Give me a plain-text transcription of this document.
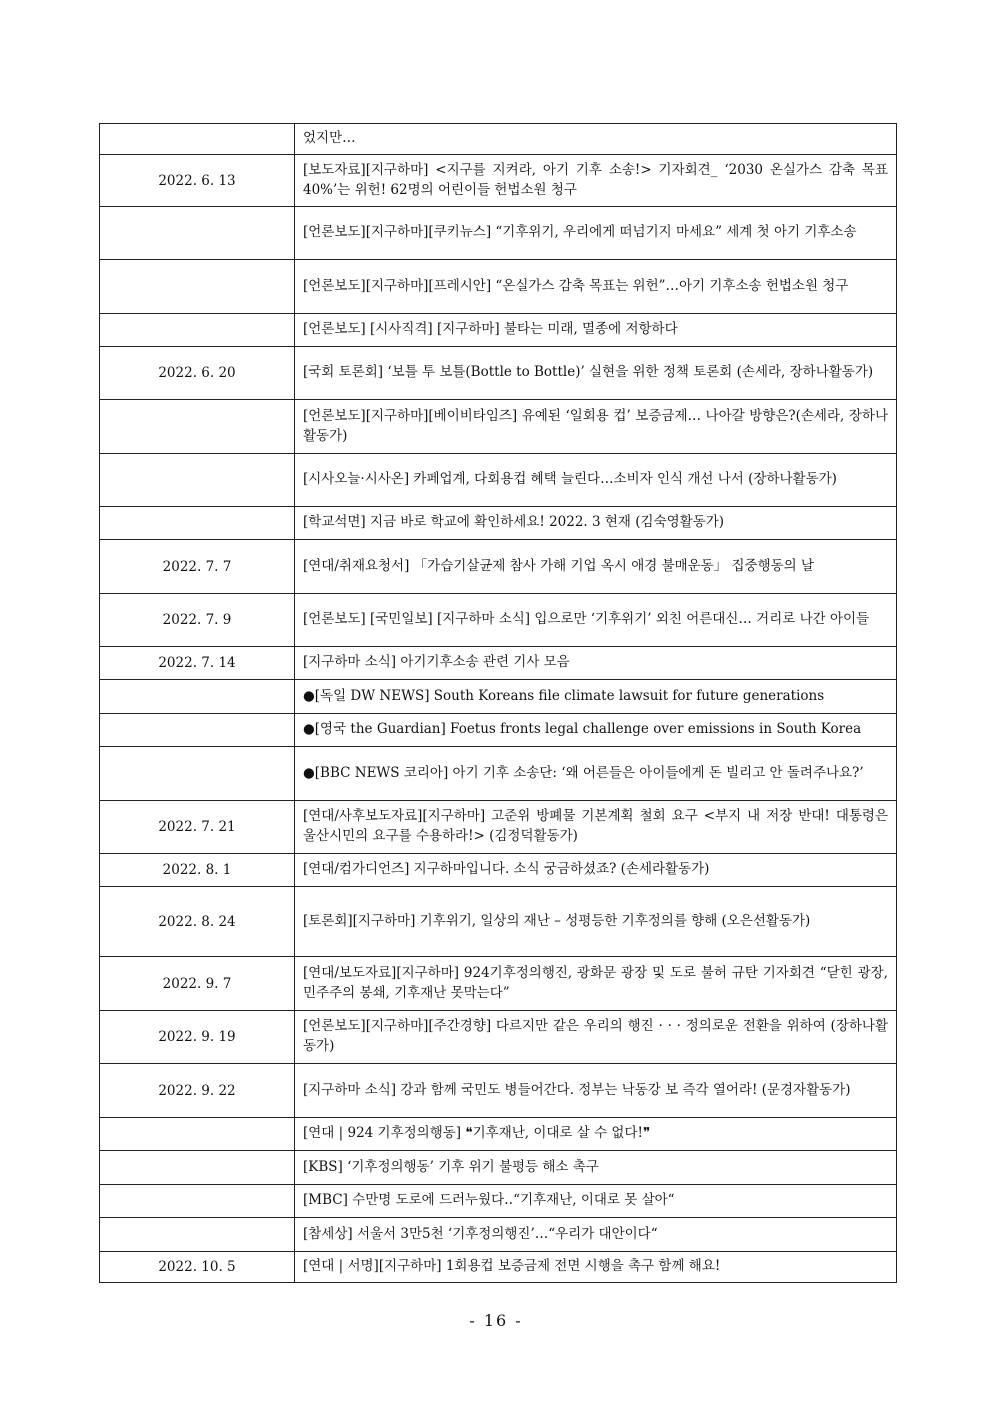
	었지만…
2022. 6. 13	[보도자료][지구하마] <지구를 지켜라, 아기 기후 소송!> 기자회견_ ‘2030 온실가스 감축 목표 40%’는 위헌! 62명의 어린이들 헌법소원 청구
	[언론보도][지구하마][쿠키뉴스] “기후위기, 우리에게 떠넘기지 마세요” 세계 첫 아기 기후소송
	[언론보도][지구하마][프레시안] “온실가스 감축 목표는 위헌”…아기 기후소송 헌법소원 청구
	[언론보도] [시사직격] [지구하마] 불타는 미래, 멸종에 저항하다
2022. 6. 20	[국회 토론회] ‘보틀 투 보틀(Bottle to Bottle)’ 실현을 위한 정책 토론회 (손세라, 장하나활동가)
	[언론보도][지구하마][베이비타임즈] 유예된 ‘일회용 컵’ 보증금제… 나아갈 방향은?(손세라, 장하나활동가)
	[시사오늘·시사온] 카페업계, 다회용컵 혜택 늘린다…소비자 인식 개선 나서 (장하나활동가)
	[학교석면] 지금 바로 학교에 확인하세요! 2022. 3 현재 (김숙영활동가)
2022. 7. 7	[연대/취재요청서] 「가습기살균제 참사 가해 기업 옥시 애경 불매운동」 집중행동의 날
2022. 7. 9	[언론보도] [국민일보] [지구하마 소식] 입으로만 ‘기후위기’ 외친 어른대신… 거리로 나간 아이들
2022. 7. 14	[지구하마 소식] 아기기후소송 관련 기사 모음
	●[독일 DW NEWS] South Koreans file climate lawsuit for future generations
	●[영국 the Guardian] Foetus fronts legal challenge over emissions in South Korea
	●[BBC NEWS 코리아] 아기 기후 소송단: ‘왜 어른들은 아이들에게 돈 빌리고 안 돌려주나요?’
2022. 7. 21	[연대/사후보도자료][지구하마] 고준위 방폐물 기본계획 철회 요구 <부지 내 저장 반대! 대통령은 울산시민의 요구를 수용하라!> (김정덕활동가)
2022. 8. 1	[연대/컴가디언즈] 지구하마입니다. 소식 궁금하셨죠? (손세라활동가)
2022. 8. 24	[토론회][지구하마] 기후위기, 일상의 재난 – 성평등한 기후정의를 향해 (오은선활동가)
2022. 9. 7	[연대/보도자료][지구하마] 924기후정의행진, 광화문 광장 및 도로 불허 규탄 기자회견 “닫힌 광장, 민주주의 봉쇄, 기후재난 못막는다”
2022. 9. 19	[언론보도][지구하마][주간경향] 다르지만 같은 우리의 행진 · · · 정의로운 전환을 위하여 (장하나활동가)
2022. 9. 22	[지구하마 소식] 강과 함께 국민도 병들어간다. 정부는 낙동강 보 즉각 열어라! (문경자활동가)
	[연대 | 924 기후정의행동] ❝기후재난, 이대로 살 수 없다!❞
	[KBS] ‘기후정의행동’ 기후 위기 불평등 해소 촉구
	[MBC] 수만명 도로에 드러누웠다‥“기후재난, 이대로 못 살아“
	[참세상] 서울서 3만5천 ‘기후정의행진’…“우리가 대안이다“
2022. 10. 5	[연대 | 서명][지구하마] 1회용컵 보증금제 전면 시행을 촉구 함께 해요!
- 16 -
